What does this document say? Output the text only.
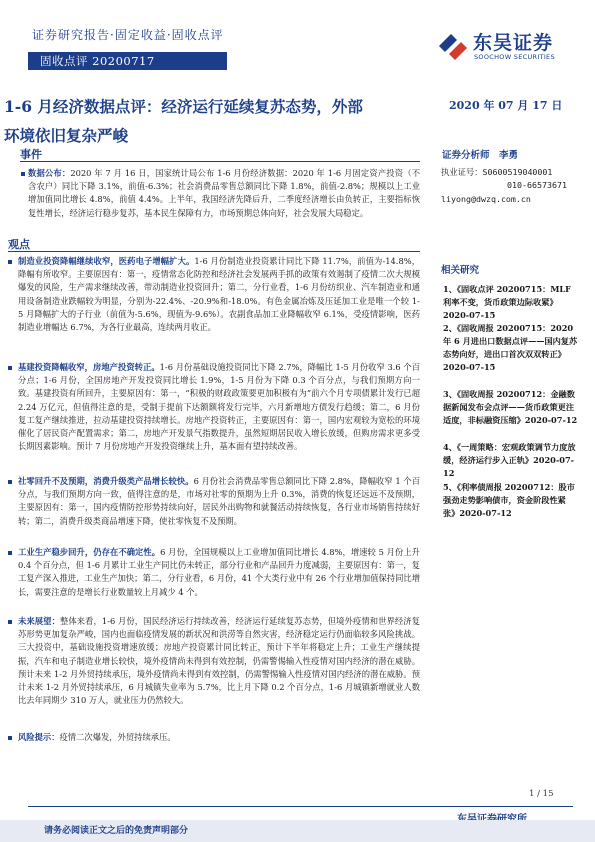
证券研究报告·固定收益·固收点评
固收点评 20200717
东吴证券
SOOCHOW SECURITIES
1-6 月经济数据点评：经济运行延续复苏态势，外部
环境依旧复杂严峻
2020 年 07 月 17 日
事件
数据公布：2020 年 7 月 16 日，国家统计局公布 1-6 月份经济数据：2020 年 1-6 月固定资产投资（不含农户）同比下降 3.1%，前值-6.3%；社会消费品零售总额同比下降 1.8%，前值-2.8%；规模以上工业增加值同比增长 4.8%，前值 4.4%。上半年，我国经济先降后升，二季度经济增长由负转正，主要指标恢复性增长，经济运行稳步复苏，基本民生保障有力，市场预期总体向好，社会发展大局稳定。
观点
制造业投资降幅继续收窄，医药电子增幅扩大。1-6 月份制造业投资累计同比下降 11.7%，前值为-14.8%，降幅有所收窄。主要原因有：第一，疫情常态化防控和经济社会发展两手抓的政策有效遏制了疫情二次大规模爆发的风险，生产需求继续改善，带动制造业投资回升；第二，分行业看，1-6 月份纺织业、汽车制造业和通用设备制造业跌幅较为明显，分别为-22.4%、-20.9%和-18.0%。有色金属冶炼及压延加工业是唯一个较 1-5 月降幅扩大的子行业（前值为-5.6%，现值为-9.6%）。农副食品加工业降幅收窄 6.1%，受疫情影响，医药制造业增幅达 6.7%，为各行业最高，连续两月收正。
基建投资降幅收窄，房地产投资转正。1-6 月份基础设施投资同比下降 2.7%，降幅比 1-5 月份收窄 3.6 个百分点；1-6 月份，全国房地产开发投资同比增长 1.9%，1-5 月份为下降 0.3 个百分点，与我们预期方向一致。基建投资有所回升，主要原因有：第一，“积极的财政政策要更加积极有为”前六个月专项债累计发行已超 2.24 万亿元，但值得注意的是，受制于提前下达额额将发行完毕，六月新增地方债发行趋缓；第二，6 月份复工复产继续推进，拉动基建投资持续增长。房地产投资转正，主要原因有：第一，国内宏观较为宽松的环境催化了居民资产配置需求；第二，房地产开发景气指数提升，虽然短期居民收入增长放缓，但购房需求更多受长期因素影响。预计 7 月份房地产开发投资继续上升，基本面有望持续改善。
社零回升不及预期，消费升级类产品增长较快。6 月份社会消费品零售总额同比下降 2.8%，降幅收窄 1 个百分点，与我们预期方向一致，值得注意的是，市场对社零的预期为上升 0.3%，消费的恢复还远远不及预期，主要原因有：第一，国内疫情防控形势持续向好，居民外出购物和就餐活动持续恢复，各行业市场销售持续好转；第二，消费升级类商品增速下降，使社零恢复不及预期。
工业生产稳步回升，仍存在不确定性。6 月份，全国规模以上工业增加值同比增长 4.8%，增速较 5 月份上升 0.4 个百分点，但 1-6 月累计工业生产同比仍未转正，部分行业和产品回升力度减弱，主要原因有：第一，复工复产深入推进，工业生产加快；第二，分行业看，6 月份，41 个大类行业中有 26 个行业增加值保持同比增长，需要注意的是增长行业数量较上月减少 4 个。
未来展望：整体来看，1-6 月份，国民经济运行持续改善，经济运行延续复苏态势，但境外疫情和世界经济复苏形势更加复杂严峻，国内也面临疫情发展的新状况和洪涝等自然灾害，经济稳定运行仍面临较多风险挑战。三大投资中，基础设施投资增速放缓；房地产投资累计同比转正，预计下半年将稳定上升；工业生产继续提振，汽车和电子制造业增长较快，境外疫情尚未得到有效控制，仍需警惕输入性疫情对国内经济的潜在威胁。预计未来 1-2 月外贸持续承压，境外疫情尚未得到有效控制，仍需警惕输入性疫情对国内经济的潜在威胁。预计未来 1-2 月外贸持续承压，6 月城镇失业率为 5.7%，比上月下降 0.2 个百分点，1-6 月城镇新增就业人数比去年同期少 310 万人，就业压力仍然较大。
风险提示：疫情二次爆发，外贸持续承压。
证券分析师　李勇
执业证号：S0600519040001
010-66573671
liyong@dwzq.com.cn
相关研究
1、《固收点评 20200715：MLF 利率不变，货币政策边际收紧》2020-07-15
2、《固收周报 20200715：2020 年 6 月进出口数据点评——国内复苏态势向好，进出口首次双双转正》2020-07-15
3、《固收周报 20200712：金融数据新闻发布会点评——货币政策更注适度，非标融资压缩》2020-07-12
4、《一周策略：宏观政策调节力度放缓，经济运行步入正轨》2020-07-12
5、《利率债周报 20200712：股市强劲走势影响债市，资金阶段性紧张》2020-07-12
1 / 15
请务必阅读正文之后的免责声明部分
